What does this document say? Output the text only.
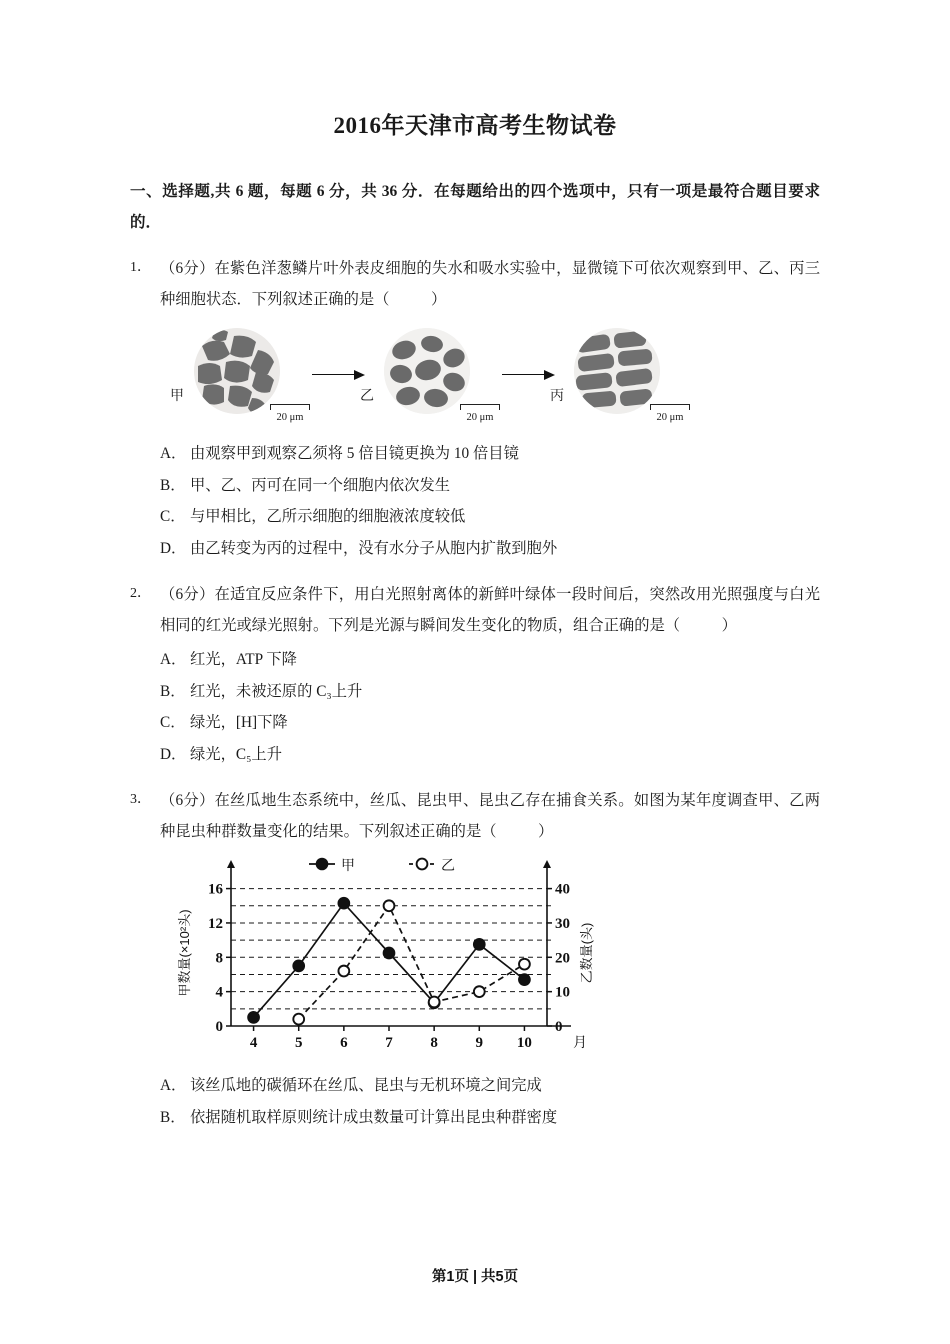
2016年天津市高考生物试卷
一、选择题,共 6 题，每题 6 分，共 36 分．在每题给出的四个选项中，只有一项是最符合题目要求的．
1． （6分）在紫色洋葱鳞片叶外表皮细胞的失水和吸水实验中，显微镜下可依次观察到甲、乙、丙三种细胞状态．下列叙述正确的是（	）
甲
20 μm
乙
20 μm
丙
20 μm
A． 由观察甲到观察乙须将 5 倍目镜更换为 10 倍目镜
B． 甲、乙、丙可在同一个细胞内依次发生
C． 与甲相比，乙所示细胞的细胞液浓度较低
D． 由乙转变为丙的过程中，没有水分子从胞内扩散到胞外
2． （6分）在适宜反应条件下，用白光照射离体的新鲜叶绿体一段时间后，突然改用光照强度与白光相同的红光或绿光照射。下列是光源与瞬间发生变化的物质，组合正确的是（	）
A． 红光，ATP 下降
B． 红光，未被还原的 C₃上升
C． 绿光，[H]下降
D． 绿光，C₅上升
3． （6分）在丝瓜地生态系统中，丝瓜、昆虫甲、昆虫乙存在捕食关系。如图为某年度调查甲、乙两种昆虫种群数量变化的结果。下列叙述正确的是（	）
0
4
8
12
16
0
10
20
30
40
4	5	6	7	8	9 10	月
甲数量(×10²头)	乙数量(头)
甲	乙
A． 该丝瓜地的碳循环在丝瓜、昆虫与无机环境之间完成
B． 依据随机取样原则统计成虫数量可计算出昆虫种群密度
第1页 | 共5页
